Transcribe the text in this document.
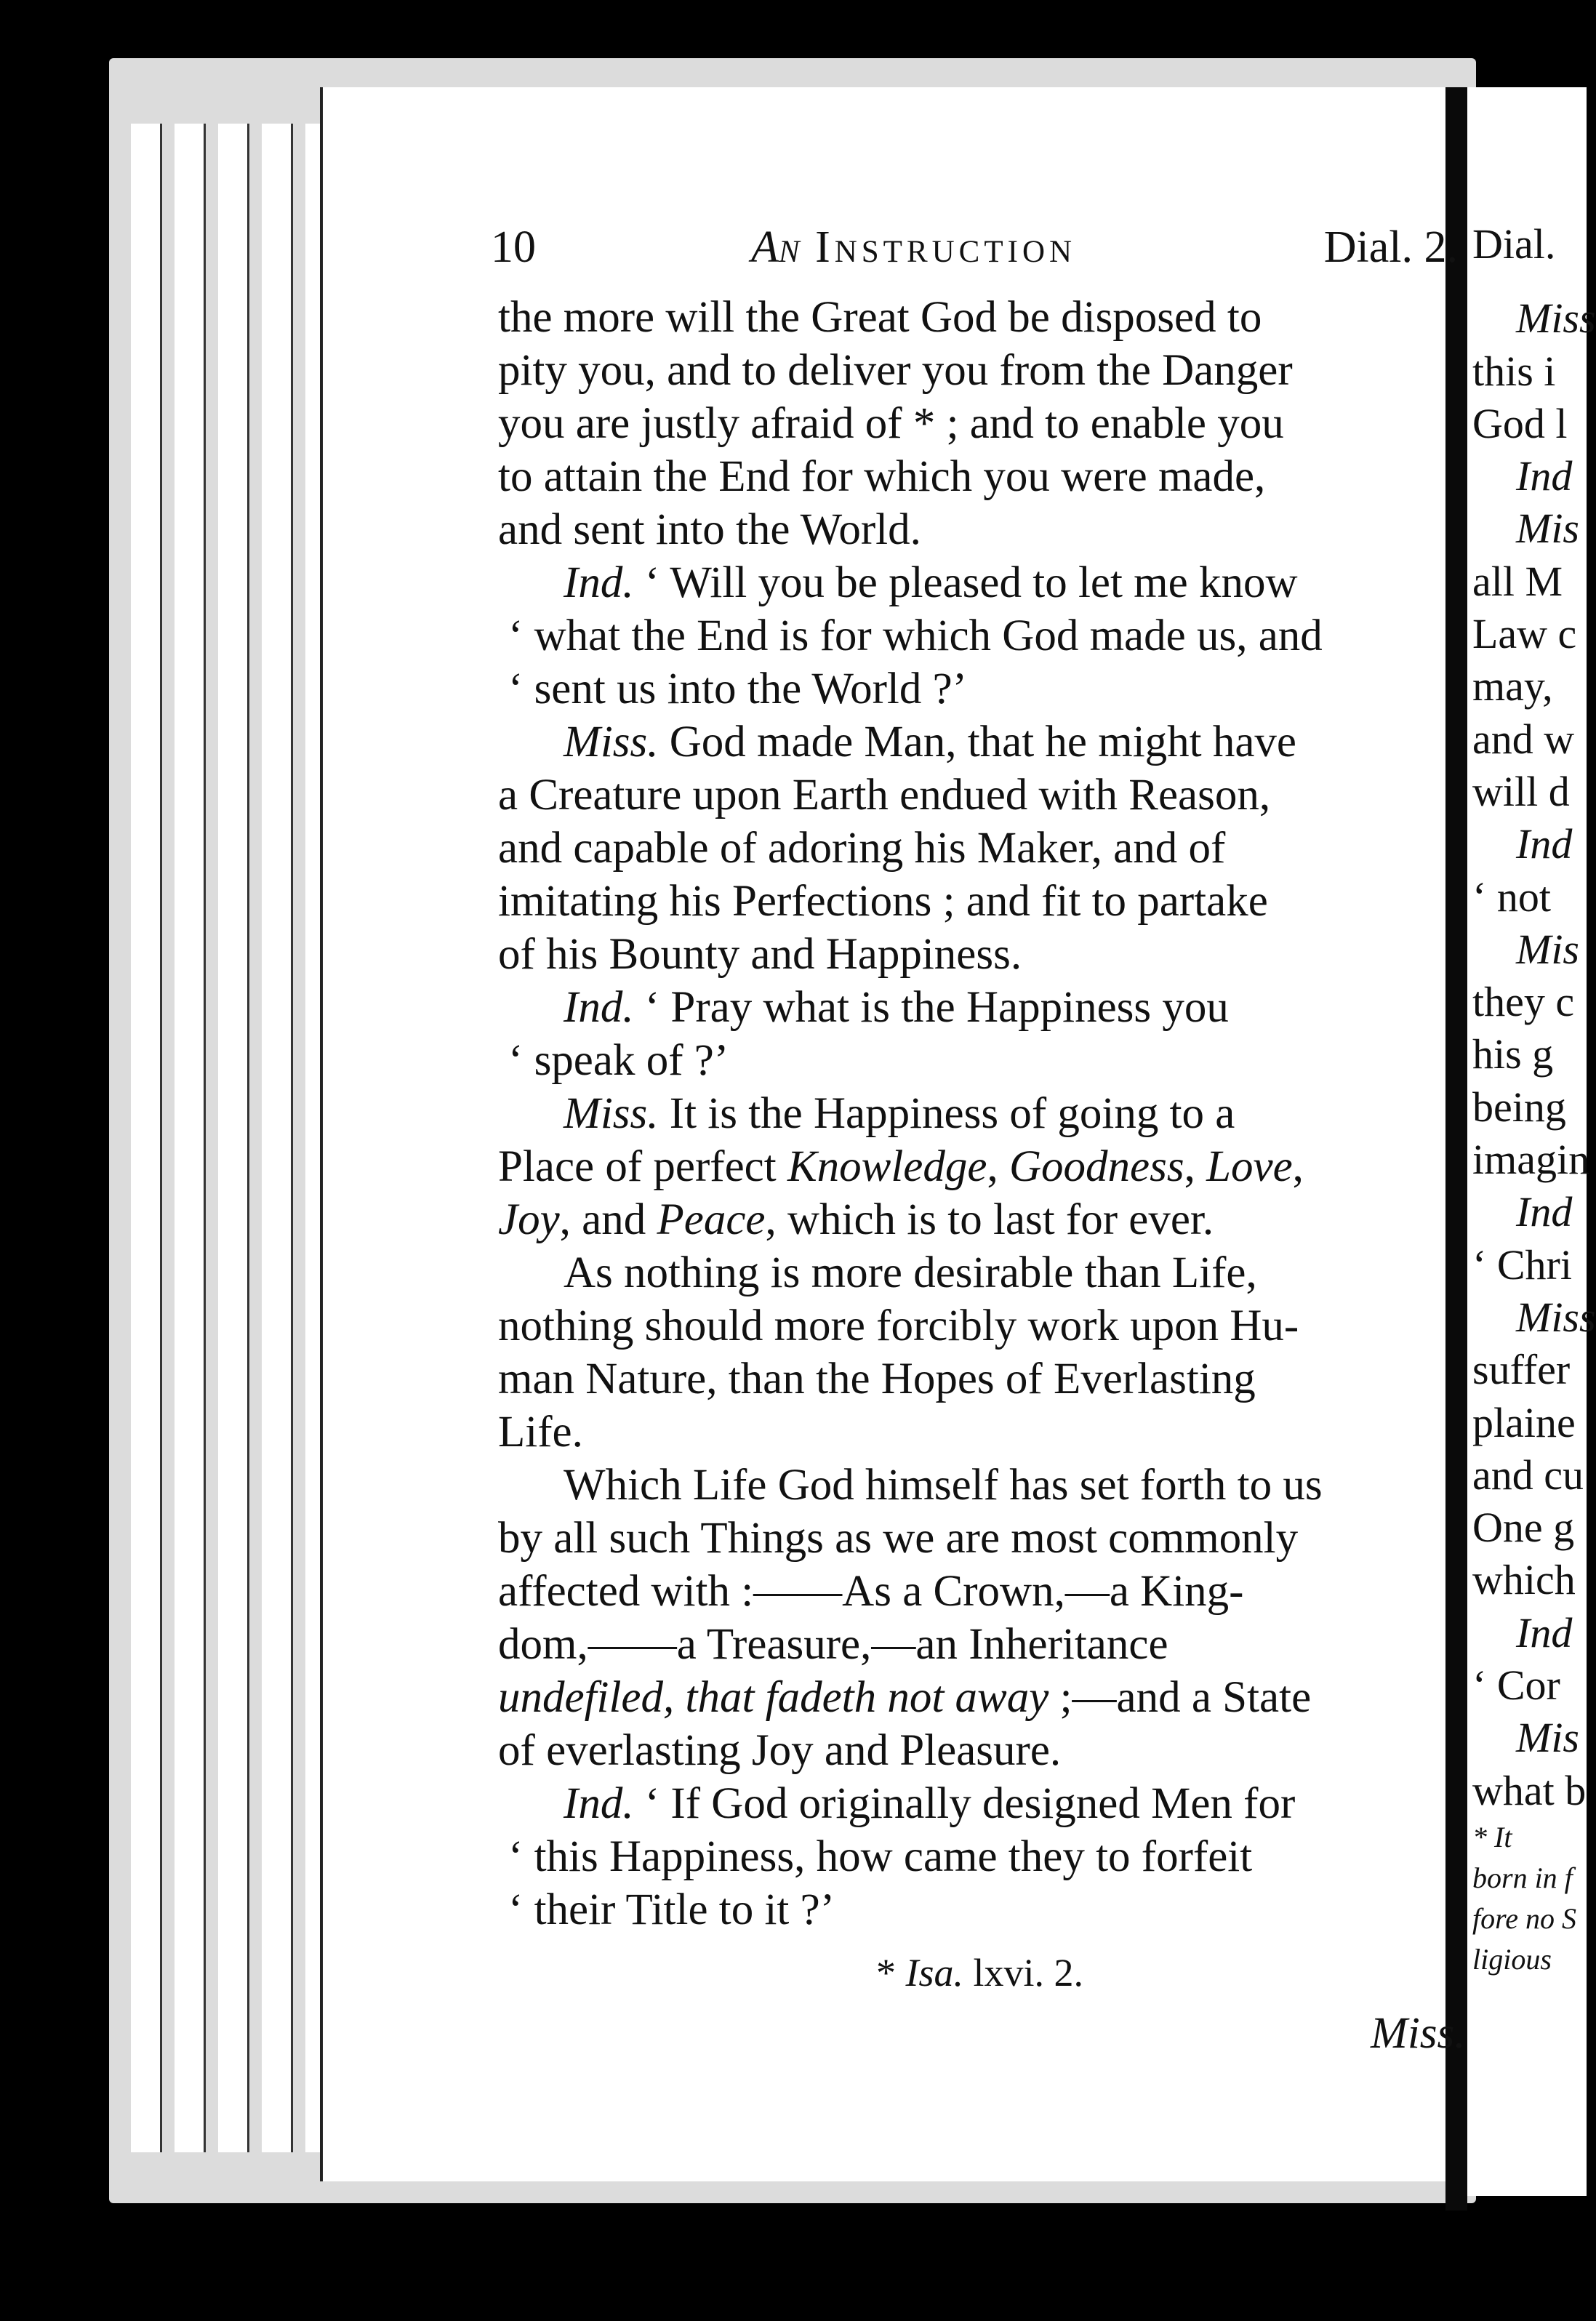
10	An Instruction	Dial. 2.
the more will the Great God be disposed to
pity you, and to deliver you from the Danger
you are justly afraid of * ; and to enable you
to attain the End for which you were made,
and sent into the World.
Ind. ‘ Will you be pleased to let me know
‘ what the End is for which God made us, and
‘ sent us into the World ?’
Miss. God made Man, that he might have
a Creature upon Earth endued with Reason,
and capable of adoring his Maker, and of
imitating his Perfections ; and fit to partake
of his Bounty and Happiness.
Ind. ‘ Pray what is the Happiness you
‘ speak of ?’
Miss. It is the Happiness of going to a
Place of perfect Knowledge, Goodness, Love,
Joy, and Peace, which is to last for ever.
As nothing is more desirable than Life,
nothing should more forcibly work upon Hu-
man Nature, than the Hopes of Everlasting
Life.
Which Life God himself has set forth to us
by all such Things as we are most commonly
affected with :——As a Crown,—a King-
dom,——a Treasure,—an Inheritance
undefiled, that fadeth not away ;—and a State
of everlasting Joy and Pleasure.
Ind. ‘ If God originally designed Men for
‘ this Happiness, how came they to forfeit
‘ their Title to it ?’
* Isa. lxvi. 2.
Miss.
Dial.
Miss
this i
God l
Ind
Mis
all M
Law c
may,
and w
will d
Ind
‘ not
Mis
they c
his g
being
imagin
Ind
‘ Chri
Miss
suffer
plaine
and cu
One g
which
Ind
‘ Cor
Mis
what b
* It
born in f
fore no S
ligious
